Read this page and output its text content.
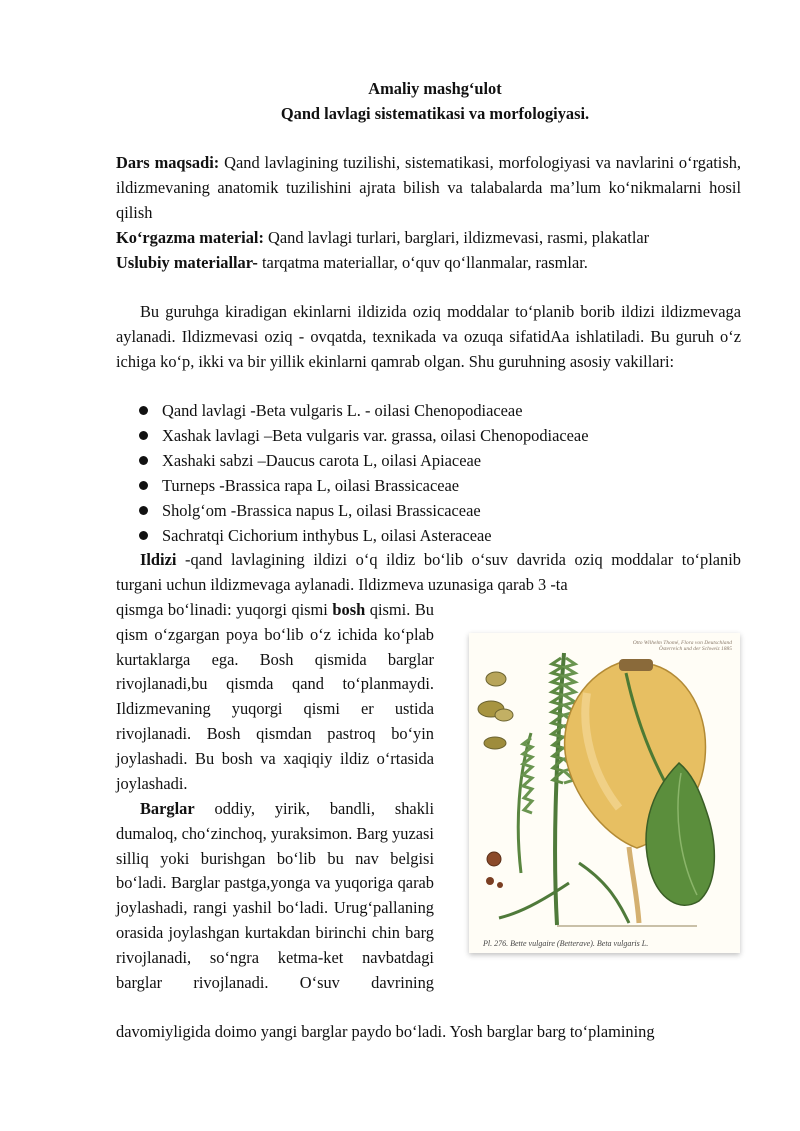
Amaliy mashg‘ulot
Qand lavlagi sistematikasi va morfologiyasi.
Dars maqsadi: Qand lavlagining tuzilishi, sistematikasi, morfologiyasi va navlarini o‘rgatish, ildizmevaning anatomik tuzilishini ajrata bilish va talabalarda ma’lum ko‘nikmalarni hosil qilish
Ko‘rgazma material: Qand lavlagi turlari, barglari, ildizmevasi, rasmi, plakatlar
Uslubiy materiallar- tarqatma materiallar, o‘quv qo‘llanmalar, rasmlar.
Bu guruhga kiradigan ekinlarni ildizida oziq moddalar to‘planib borib ildizi ildizmevaga aylanadi. Ildizmevasi oziq - ovqatda, texnikada va ozuqa sifatidAa ishlatiladi. Bu guruh o‘z ichiga ko‘p, ikki va bir yillik ekinlarni qamrab olgan. Shu guruhning asosiy vakillari:
Qand lavlagi -Beta vulgaris L. - oilasi Chenopodiaceae
Xashak lavlagi –Beta vulgaris var. grassa, oilasi Chenopodiaceae
Xashaki sabzi –Daucus carota L, oilasi Apiaceae
Turneps -Brassica rapa L, oilasi Brassicaceae
Sholg‘om -Brassica napus L, oilasi Brassicaceae
Sachratqi Cichorium inthybus L, oilasi Asteraceae
Ildizi -qand lavlagining ildizi o‘q ildiz bo‘lib o‘suv davrida oziq moddalar to‘planib turgani uchun ildizmevaga aylanadi. Ildizmeva uzunasiga qarab 3 -ta
qismga bo‘linadi: yuqorgi qismi bosh qismi. Bu qism o‘zgargan poya bo‘lib o‘z ichida ko‘plab kurtaklarga ega. Bosh qismida barglar rivojlanadi,bu qismda qand to‘planmaydi. Ildizmevaning yuqorgi qismi er ustida rivojlanadi. Bosh qismdan pastroq bo‘yin joylashadi. Bu bosh va xaqiqiy ildiz o‘rtasida joylashadi.
Barglar oddiy, yirik, bandli, shakli dumaloq, cho‘zinchoq, yuraksimon. Barg yuzasi silliq yoki burishgan bo‘lib bu nav belgisi bo‘ladi. Barglar pastga,yonga va yuqoriga qarab joylashadi, rangi yashil bo‘ladi. Urug‘pallaning orasida joylashgan kurtakdan birinchi chin barg rivojlanadi, so‘ngra ketma-ket navbatdagi barglar rivojlanadi. O‘suv davrining
davomiyligida doimo yangi barglar paydo bo‘ladi. Yosh barglar barg to‘plamining
Otto Wilhelm Thomé, Flora von Deutschland
Österreich und der Schweiz 1885
Pl. 276. Bette vulgaire (Betterave). Beta vulgaris L.
